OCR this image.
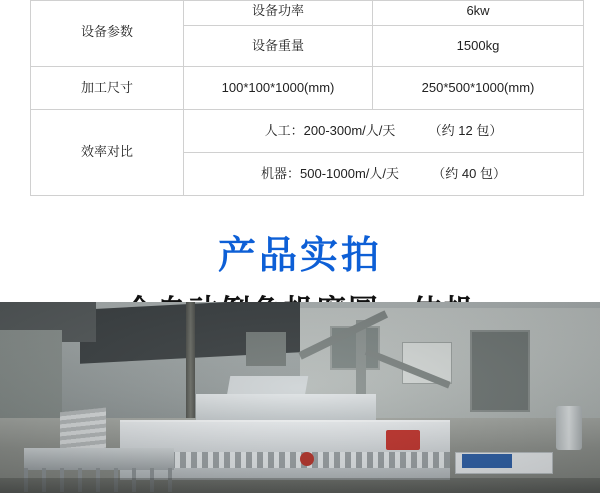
设备参数	设备功率	6kw
	设备重量	1500kg
加工尺寸	100*100*1000(mm)	250*500*1000(mm)
效率对比	人工：200-300m/人/天 （约 12 包）	
	机器：500-1000m/人/天 （约 40 包）	
产品实拍
